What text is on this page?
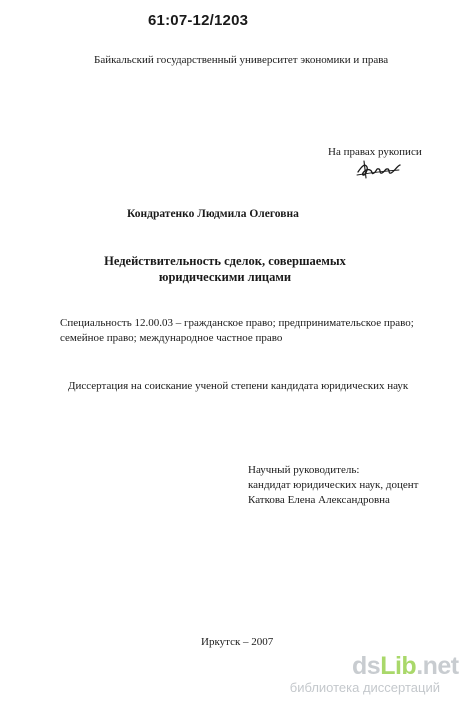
61:07-12/1203
Байкальский государственный университет экономики и права
На правах рукописи
Кондратенко Людмила Олеговна
Недействительность сделок, совершаемых
юридическими лицами
Специальность 12.00.03 – гражданское право; предпринимательское право;
семейное право; международное частное право
Диссертация на соискание ученой степени кандидата юридических наук
Научный руководитель:
кандидат юридических наук, доцент
Каткова Елена Александровна
Иркутск – 2007
dsLib.net
библиотека диссертаций
